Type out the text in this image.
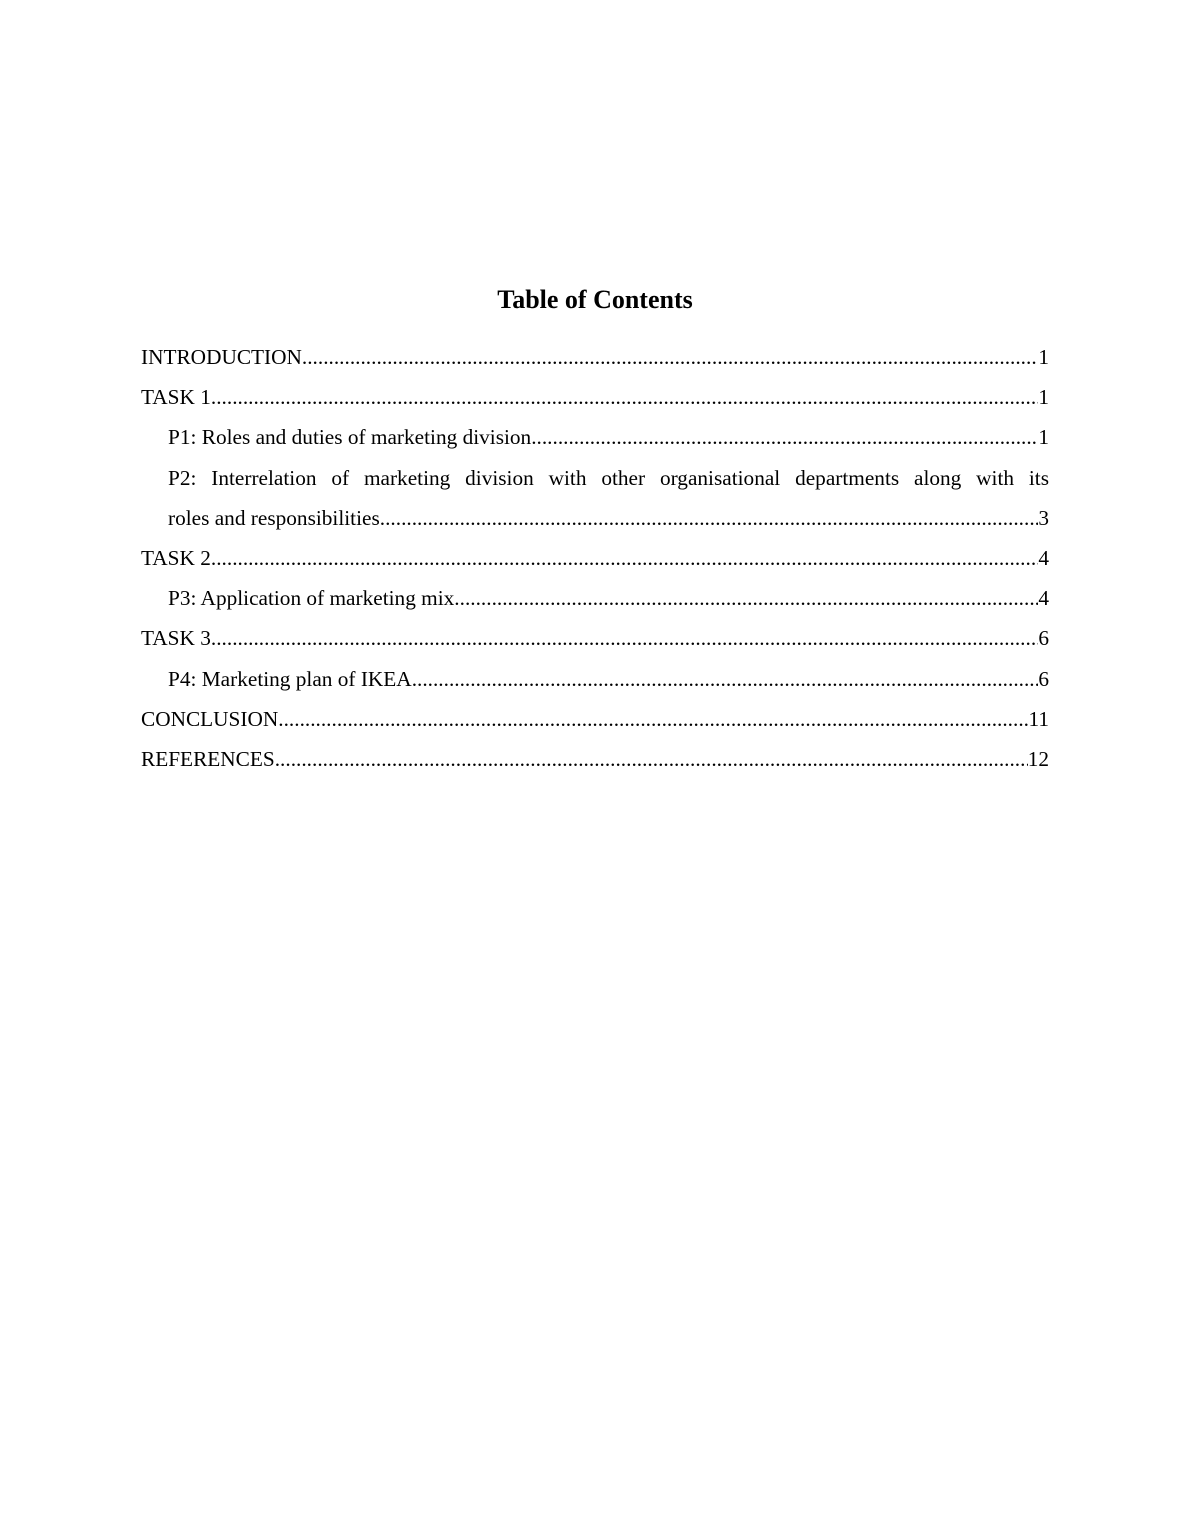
Table of Contents
INTRODUCTION .....	1
TASK 1 .....	1
P1: Roles and duties of marketing division .....	1
P2: Interrelation of marketing division with other organisational departments along with its
roles and responsibilities .....	3
TASK 2 .....	4
P3: Application of marketing mix .....	4
TASK 3 .....	6
P4: Marketing plan of IKEA .....	6
CONCLUSION .....	11
REFERENCES .....	12
